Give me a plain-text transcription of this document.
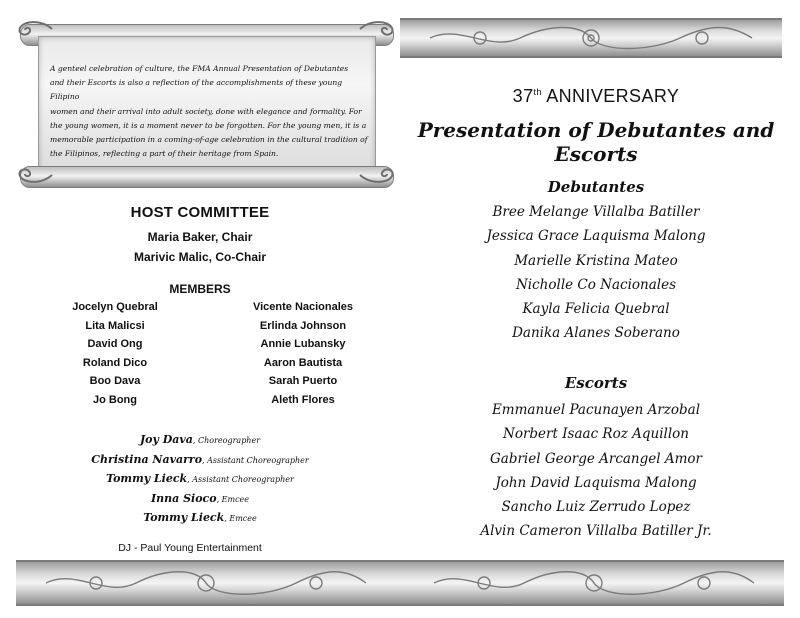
A genteel celebration of culture, the FMA Annual Presentation of Debutantes
and their Escorts is also a reflection of the accomplishments of these young Filipino
women and their arrival into adult society, done with elegance and formality. For
the young women, it is a moment never to be forgotten. For the young men, it is a
memorable participation in a coming-of-age celebration in the cultural tradition of
the Filipinos, reflecting a part of their heritage from Spain.
HOST COMMITTEE
Maria Baker, Chair
Marivic Malic, Co-Chair
MEMBERS
Jocelyn Quebral
Lita Malicsi
David Ong
Roland Dico
Boo Dava
Jo Bong
Vicente Nacionales
Erlinda Johnson
Annie Lubansky
Aaron Bautista
Sarah Puerto
Aleth Flores
Joy Dava, Choreographer
Christina Navarro, Assistant Choreographer
Tommy Lieck, Assistant Choreographer
Inna Sioco, Emcee
Tommy Lieck, Emcee
DJ - Paul Young Entertainment
37th ANNIVERSARY
Presentation of Debutantes and Escorts
Debutantes
Bree Melange Villalba Batiller
Jessica Grace Laquisma Malong
Marielle Kristina Mateo
Nicholle Co Nacionales
Kayla Felicia Quebral
Danika Alanes Soberano
Escorts
Emmanuel Pacunayen Arzobal
Norbert Isaac Roz Aquillon
Gabriel George Arcangel Amor
John David Laquisma Malong
Sancho Luiz Zerrudo Lopez
Alvin Cameron Villalba Batiller Jr.
